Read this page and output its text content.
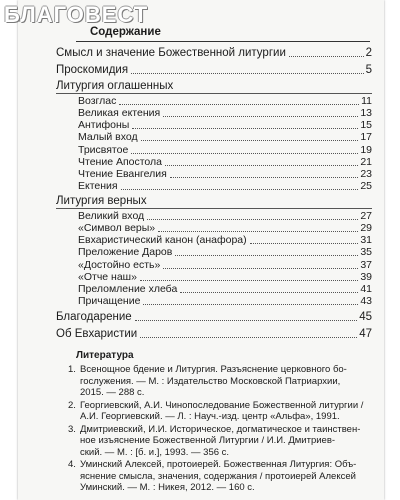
Содержание
Смысл и значение Божественной литургии	2
Проскомидия	5
Литургия оглашенных
Возглас	11
Великая ектения	13
Антифоны	15
Малый вход	17
Трисвятое	19
Чтение Апостола	21
Чтение Евангелия	23
Ектения	25
Литургия верных
Великий вход	27
«Символ веры»	29
Евхаристический канон (анафора)	31
Преложение Даров	35
«Достойно есть»	37
«Отче наш»	39
Преломление хлеба	41
Причащение	43
Благодарение	45
Об Евхаристии	47
Литература
1. Всенощное бдение и Литургия. Разъяснение церковного бо-
гослужения. — М. : Издательство Московской Патриархии,
2015. — 288 с.
2. Георгиевский, А.И. Чинопоследование Божественной литургии /
А.И. Георгиевский. — Л. : Науч.-изд. центр «Альфа», 1991.
3. Дмитриевский, И.И. Историческое, догматическое и таинствен-
ное изъяснение Божественной Литургии / И.И. Дмитриев-
ский. — М. : [б. и.], 1993. — 356 с.
4. Уминский Алексей, протоиерей. Божественная Литургия: Объ-
яснение смысла, значения, содержания / протоиерей Алексей
Уминский. — М. : Никея, 2012. — 160 с.
БЛАГОВЕСТ
